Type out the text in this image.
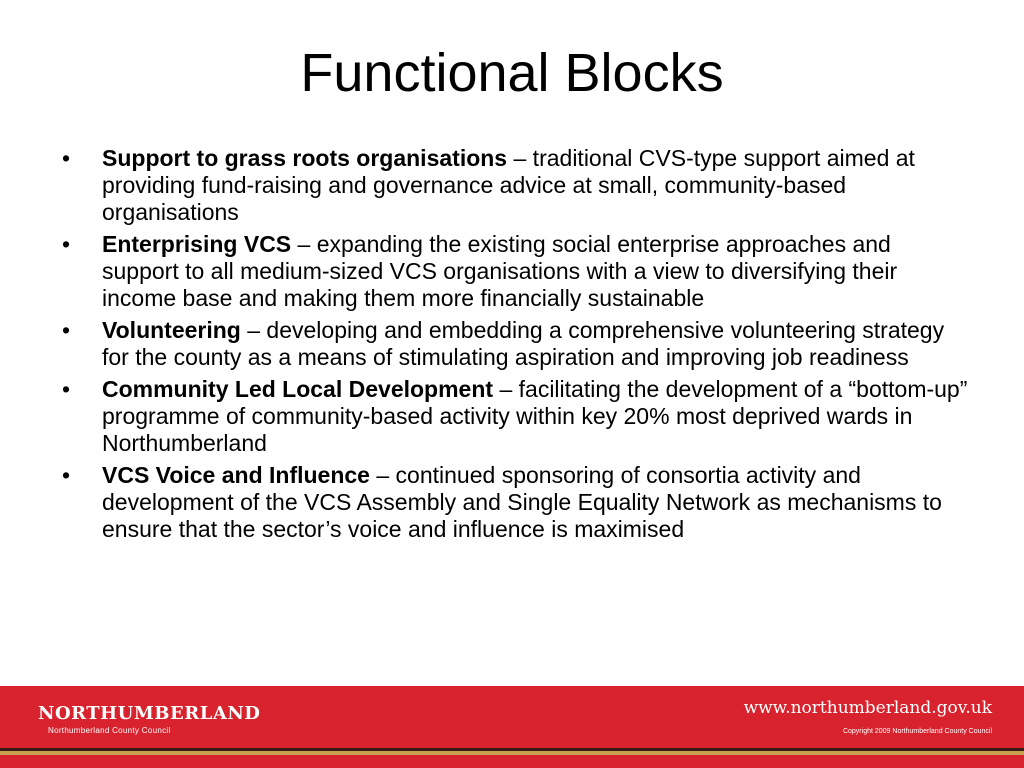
Functional Blocks
•	Support to grass roots organisations – traditional CVS-type support aimed at providing fund-raising and governance advice at small, community-based organisations
•	Enterprising VCS – expanding the existing social enterprise approaches and support to all medium-sized VCS organisations with a view to diversifying their income base and making them more financially sustainable
•	Volunteering – developing and embedding a comprehensive volunteering strategy for the county as a means of stimulating aspiration and improving job readiness
•	Community Led Local Development – facilitating the development of a “bottom-up” programme of community-based activity within key 20% most deprived wards in Northumberland
•	VCS Voice and Influence – continued sponsoring of consortia activity and development of the VCS Assembly and Single Equality Network as mechanisms to ensure that the sector’s voice and influence is maximised
NORTHUMBERLAND
Northumberland County Council
www.northumberland.gov.uk
Copyright 2009 Northumberland County Council
